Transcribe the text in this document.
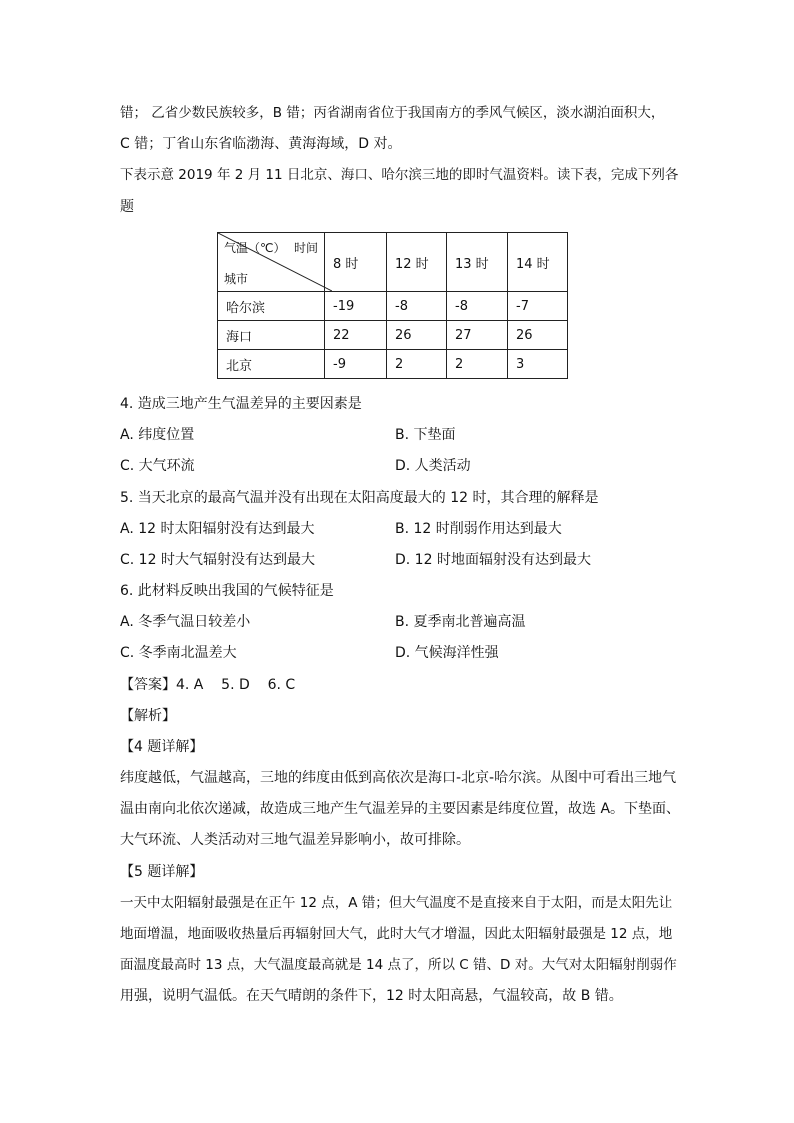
错； 乙省少数民族较多，B 错；丙省湖南省位于我国南方的季风气候区，淡水湖泊面积大，
C 错；丁省山东省临渤海、黄海海域，D 对。
下表示意 2019 年 2 月 11 日北京、海口、哈尔滨三地的即时气温资料。读下表，完成下列各
题
气温（℃） 时间
城市	8 时	12 时	13 时	14 时
哈尔滨	-19	-8	-8	-7
海口	22	26	27	26
北京	-9	2	2	3
4. 造成三地产生气温差异的主要因素是
A. 纬度位置	B. 下垫面
C. 大气环流	D. 人类活动
5. 当天北京的最高气温并没有出现在太阳高度最大的 12 时，其合理的解释是
A. 12 时太阳辐射没有达到最大	B. 12 时削弱作用达到最大
C. 12 时大气辐射没有达到最大	D. 12 时地面辐射没有达到最大
6. 此材料反映出我国的气候特征是
A. 冬季气温日较差小	B. 夏季南北普遍高温
C. 冬季南北温差大	D. 气候海洋性强
【答案】4. A    5. D    6. C
【解析】
【4 题详解】
纬度越低，气温越高，三地的纬度由低到高依次是海口-北京-哈尔滨。从图中可看出三地气
温由南向北依次递减，故造成三地产生气温差异的主要因素是纬度位置，故选 A。下垫面、
大气环流、人类活动对三地气温差异影响小，故可排除。
【5 题详解】
一天中太阳辐射最强是在正午 12 点，A 错；但大气温度不是直接来自于太阳，而是太阳先让
地面增温，地面吸收热量后再辐射回大气，此时大气才增温，因此太阳辐射最强是 12 点，地
面温度最高时 13 点，大气温度最高就是 14 点了，所以 C 错、D 对。大气对太阳辐射削弱作
用强，说明气温低。在天气晴朗的条件下，12 时太阳高悬，气温较高，故 B 错。
